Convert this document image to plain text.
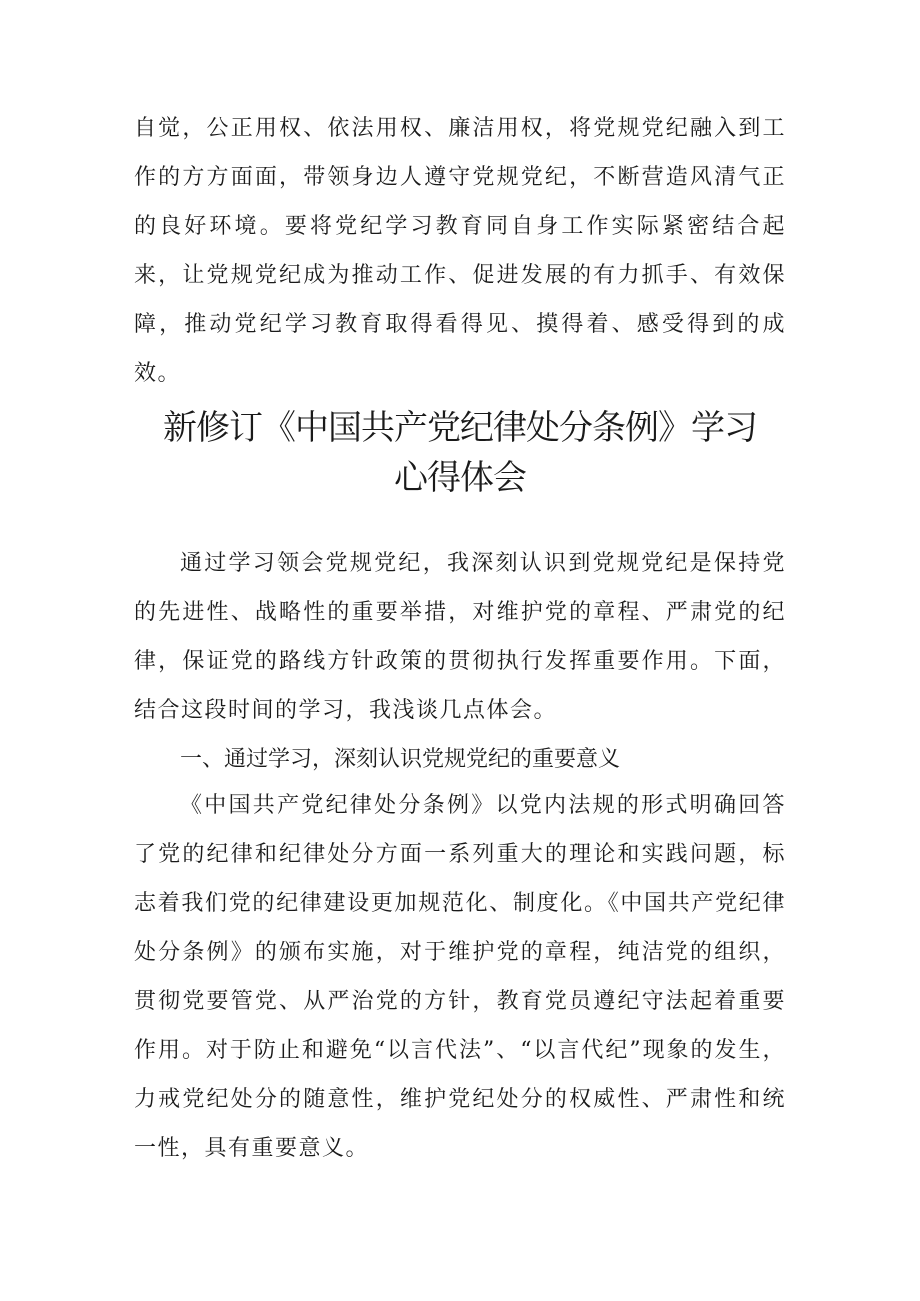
自觉，公正用权、依法用权、廉洁用权，将党规党纪融入到工作的方方面面，带领身边人遵守党规党纪，不断营造风清气正的良好环境。要将党纪学习教育同自身工作实际紧密结合起来，让党规党纪成为推动工作、促进发展的有力抓手、有效保障，推动党纪学习教育取得看得见、摸得着、感受得到的成效。

新修订《中国共产党纪律处分条例》学习
心得体会

通过学习领会党规党纪，我深刻认识到党规党纪是保持党的先进性、战略性的重要举措，对维护党的章程、严肃党的纪律，保证党的路线方针政策的贯彻执行发挥重要作用。下面，结合这段时间的学习，我浅谈几点体会。

一、通过学习，深刻认识党规党纪的重要意义

《中国共产党纪律处分条例》以党内法规的形式明确回答了党的纪律和纪律处分方面一系列重大的理论和实践问题，标志着我们党的纪律建设更加规范化、制度化。《中国共产党纪律处分条例》的颁布实施，对于维护党的章程，纯洁党的组织，贯彻党要管党、从严治党的方针，教育党员遵纪守法起着重要作用。对于防止和避免“以言代法”、“以言代纪”现象的发生，力戒党纪处分的随意性，维护党纪处分的权威性、严肃性和统一性，具有重要意义。
